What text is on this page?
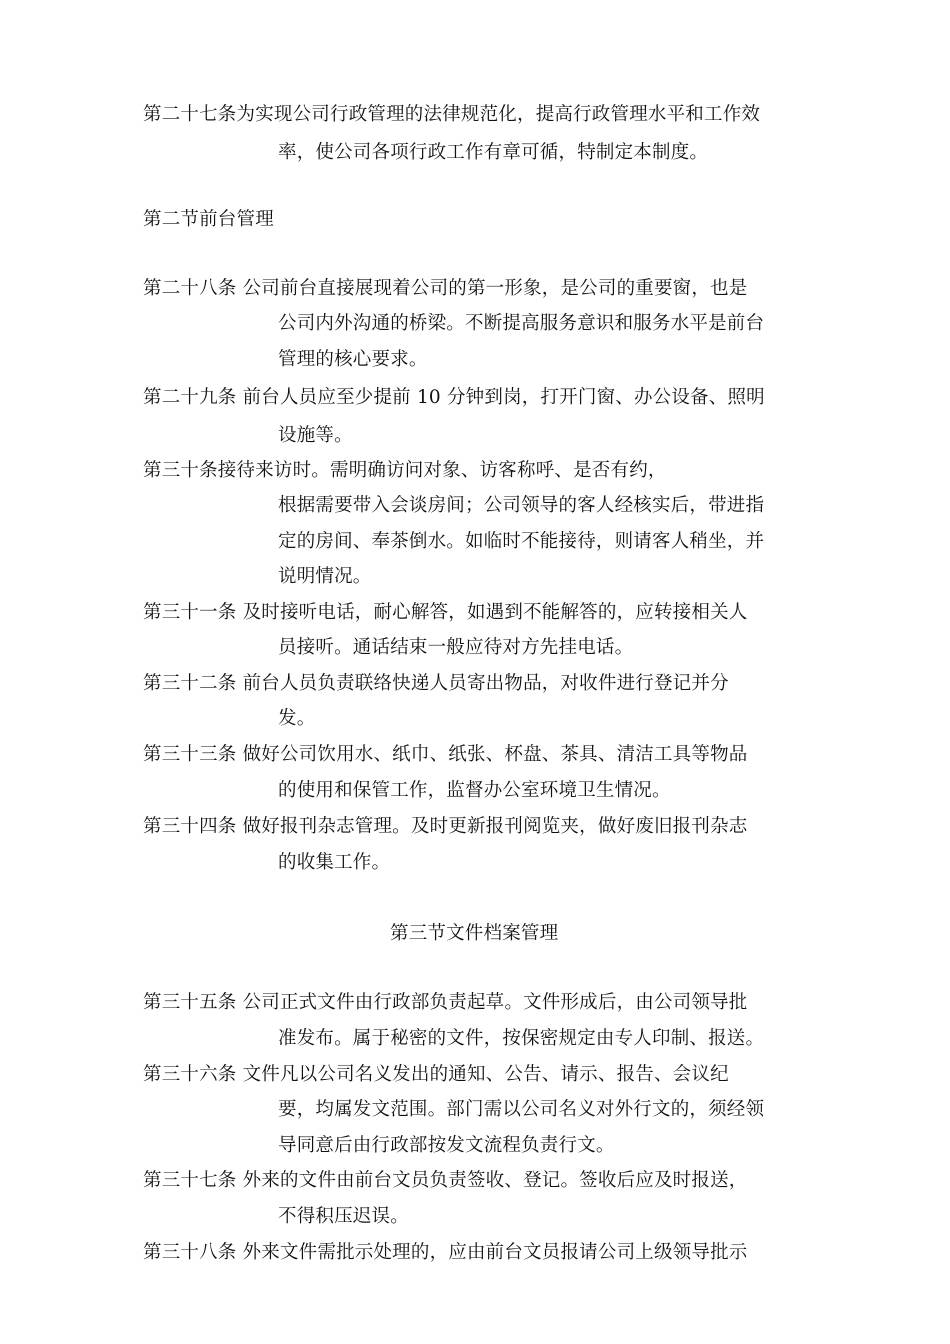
第二十七条为实现公司行政管理的法律规范化，提高行政管理水平和工作效
率，使公司各项行政工作有章可循，特制定本制度。
第二节前台管理
第二十八条 公司前台直接展现着公司的第一形象，是公司的重要窗，也是
公司内外沟通的桥梁。不断提高服务意识和服务水平是前台
管理的核心要求。
第二十九条 前台人员应至少提前 10 分钟到岗，打开门窗、办公设备、照明
设施等。
第三十条接待来访时。需明确访问对象、访客称呼、是否有约，
根据需要带入会谈房间；公司领导的客人经核实后，带进指
定的房间、奉茶倒水。如临时不能接待，则请客人稍坐，并
说明情况。
第三十一条 及时接听电话，耐心解答，如遇到不能解答的，应转接相关人
员接听。通话结束一般应待对方先挂电话。
第三十二条 前台人员负责联络快递人员寄出物品，对收件进行登记并分
发。
第三十三条 做好公司饮用水、纸巾、纸张、杯盘、茶具、清洁工具等物品
的使用和保管工作，监督办公室环境卫生情况。
第三十四条 做好报刊杂志管理。及时更新报刊阅览夹，做好废旧报刊杂志
的收集工作。
第三节文件档案管理
第三十五条 公司正式文件由行政部负责起草。文件形成后，由公司领导批
准发布。属于秘密的文件，按保密规定由专人印制、报送。
第三十六条 文件凡以公司名义发出的通知、公告、请示、报告、会议纪
要，均属发文范围。部门需以公司名义对外行文的，须经领
导同意后由行政部按发文流程负责行文。
第三十七条 外来的文件由前台文员负责签收、登记。签收后应及时报送，
不得积压迟误。
第三十八条 外来文件需批示处理的，应由前台文员报请公司上级领导批示
